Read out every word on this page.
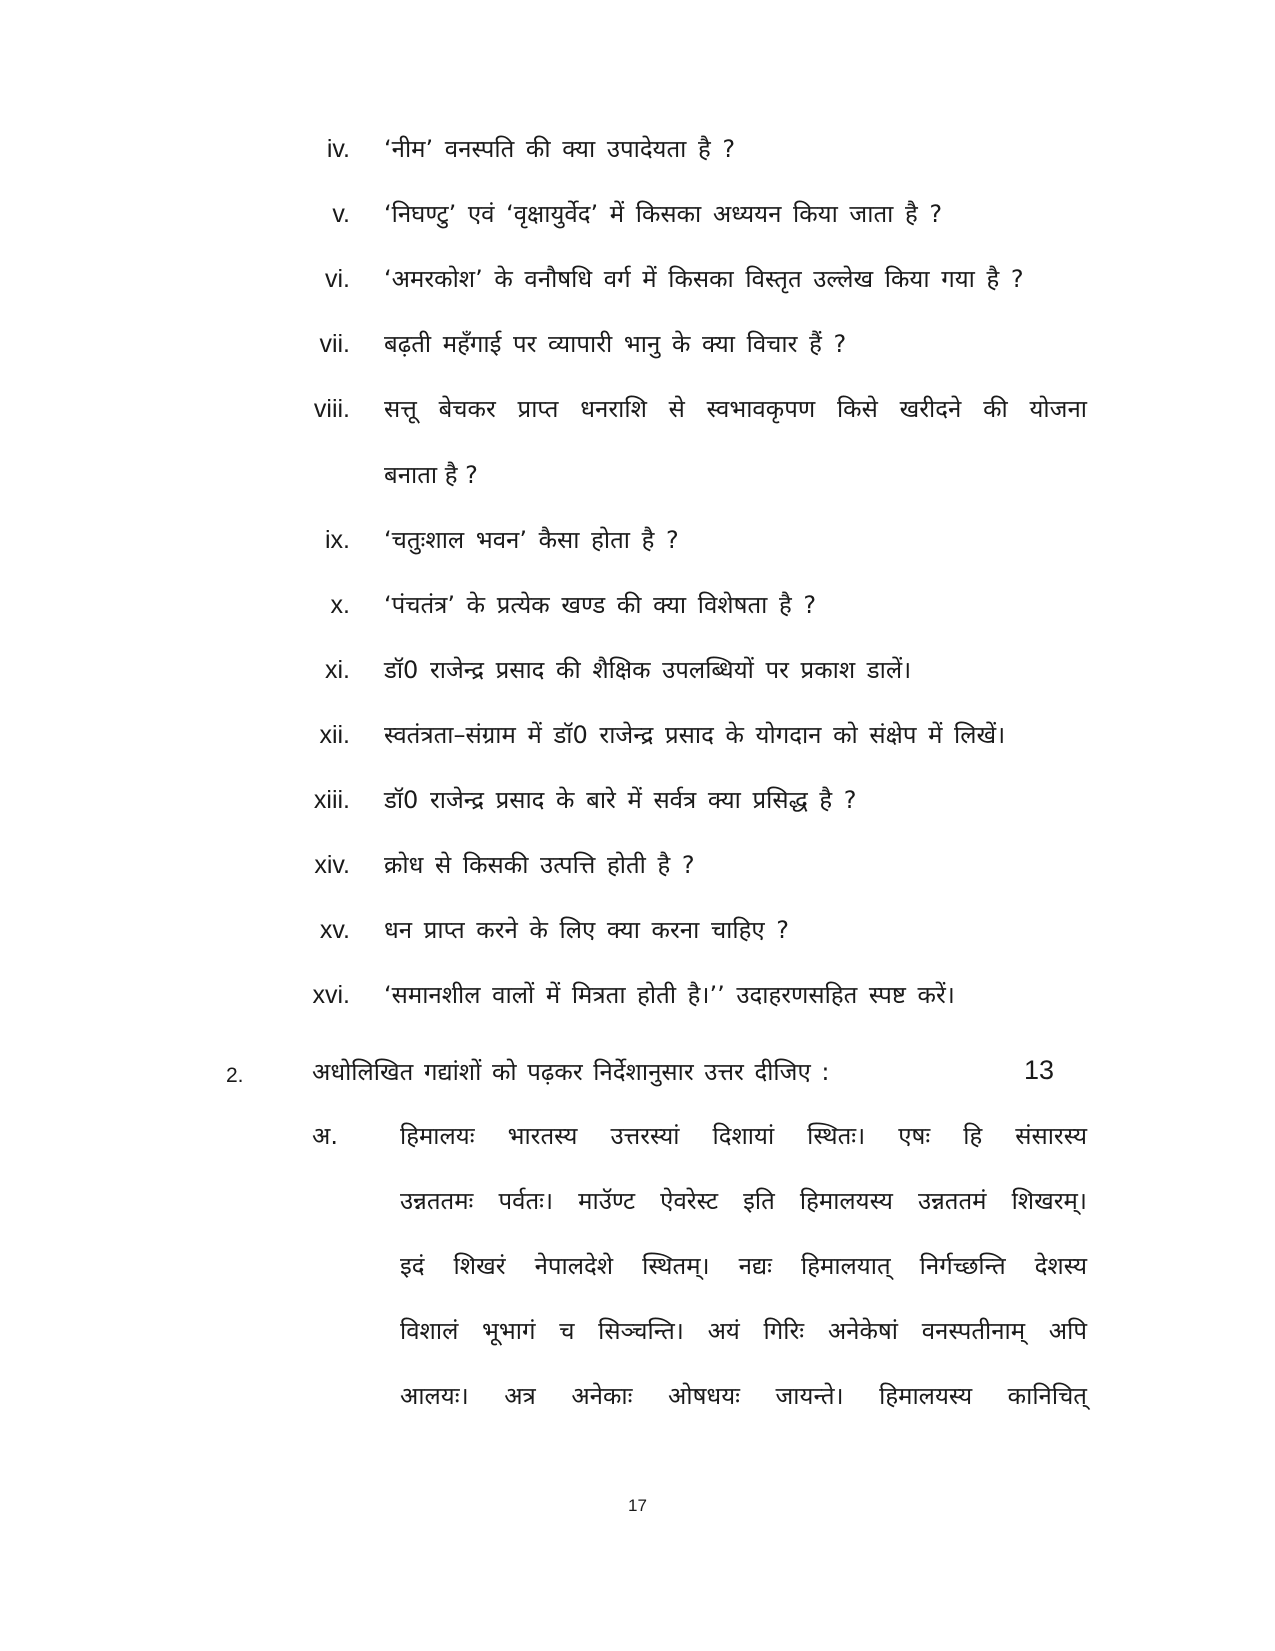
iv. ‘नीम’ वनस्पति की क्या उपादेयता है ?
v. ‘निघण्टु’ एवं ‘वृक्षायुर्वेद’ में किसका अध्ययन किया जाता है ?
vi. ‘अमरकोश’ के वनौषधि वर्ग में किसका विस्तृत उल्लेख किया गया है ?
vii. बढ़ती महँगाई पर व्यापारी भानु के क्या विचार हैं ?
viii. सत्तू बेचकर प्राप्त धनराशि से स्वभावकृपण किसे खरीदने की योजना
बनाता है ?
ix. ‘चतुःशाल भवन’ कैसा होता है ?
x. ‘पंचतंत्र’ के प्रत्येक खण्ड की क्या विशेषता है ?
xi. डॉ0 राजेन्द्र प्रसाद की शैक्षिक उपलब्धियों पर प्रकाश डालें।
xii. स्वतंत्रता–संग्राम में डॉ0 राजेन्द्र प्रसाद के योगदान को संक्षेप में लिखें।
xiii. डॉ0 राजेन्द्र प्रसाद के बारे में सर्वत्र क्या प्रसिद्ध है ?
xiv. क्रोध से किसकी उत्पत्ति होती है ?
xv. धन प्राप्त करने के लिए क्या करना चाहिए ?
xvi. ‘समानशील वालों में मित्रता होती है।’’ उदाहरणसहित स्पष्ट करें।
2.	अधोलिखित गद्यांशों को पढ़कर निर्देशानुसार उत्तर दीजिए :	13
अ.	हिमालयः भारतस्य उत्तरस्यां दिशायां स्थितः। एषः हि संसारस्य
उन्नततमः पर्वतः। माउॅण्ट ऐवरेस्ट इति हिमालयस्य उन्नततमं शिखरम्।
इदं शिखरं नेपालदेशे स्थितम्। नद्यः हिमालयात् निर्गच्छन्ति देशस्य
विशालं भूभागं च सिञ्चन्ति। अयं गिरिः अनेकेषां वनस्पतीनाम् अपि
आलयः। अत्र अनेकाः ओषधयः जायन्ते। हिमालयस्य कानिचित्
17
